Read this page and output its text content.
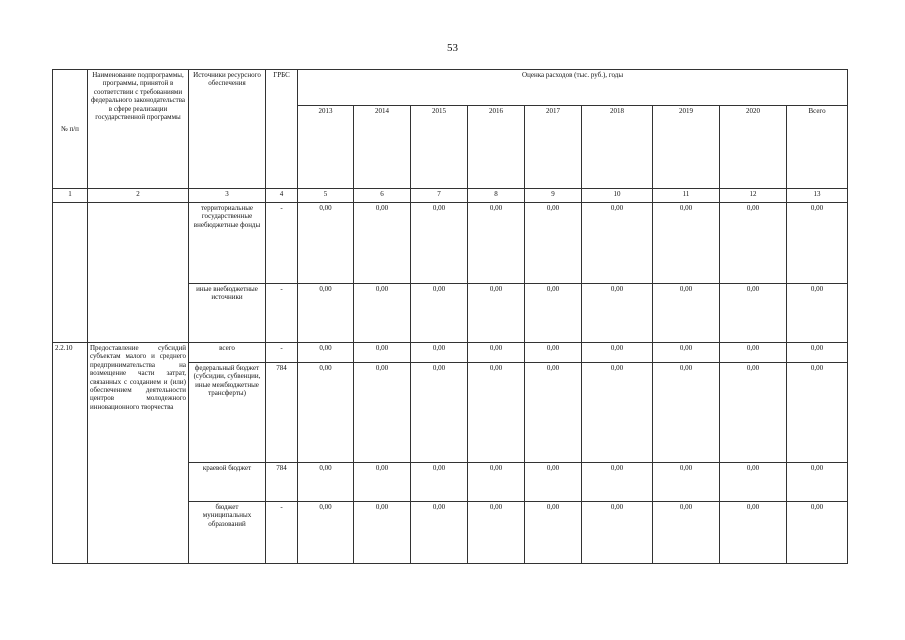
53
№ п/п	Наименование подпрограммы, программы, принятой в соответствии с требованиями федерального законодательства в сфере реализации государственной программы	Источники ресурсного обеспечения	ГРБС	Оценка расходов (тыс. руб.), годы								
				2013	2014	2015	2016	2017	2018	2019	2020	Всего
1	2	3	4	5	6	7	8	9	10	11	12	13
		территориальные государственные внебюджетные фонды	-	0,00	0,00	0,00	0,00	0,00	0,00	0,00	0,00	0,00
		иные внебюджетные источники	-	0,00	0,00	0,00	0,00	0,00	0,00	0,00	0,00	0,00
2.2.10	Предоставление субсидий субъектам малого и среднего предпринимательства на возмещение части затрат, связанных с созданием и (или) обеспечением деятельности центров молодежного инновационного творчества	всего	-	0,00	0,00	0,00	0,00	0,00	0,00	0,00	0,00	0,00
		федеральный бюджет (субсидии, субвенции, иные межбюджетные трансферты)	784	0,00	0,00	0,00	0,00	0,00	0,00	0,00	0,00	0,00
		краевой бюджет	784	0,00	0,00	0,00	0,00	0,00	0,00	0,00	0,00	0,00
		бюджет муниципальных образований	-	0,00	0,00	0,00	0,00	0,00	0,00	0,00	0,00	0,00
